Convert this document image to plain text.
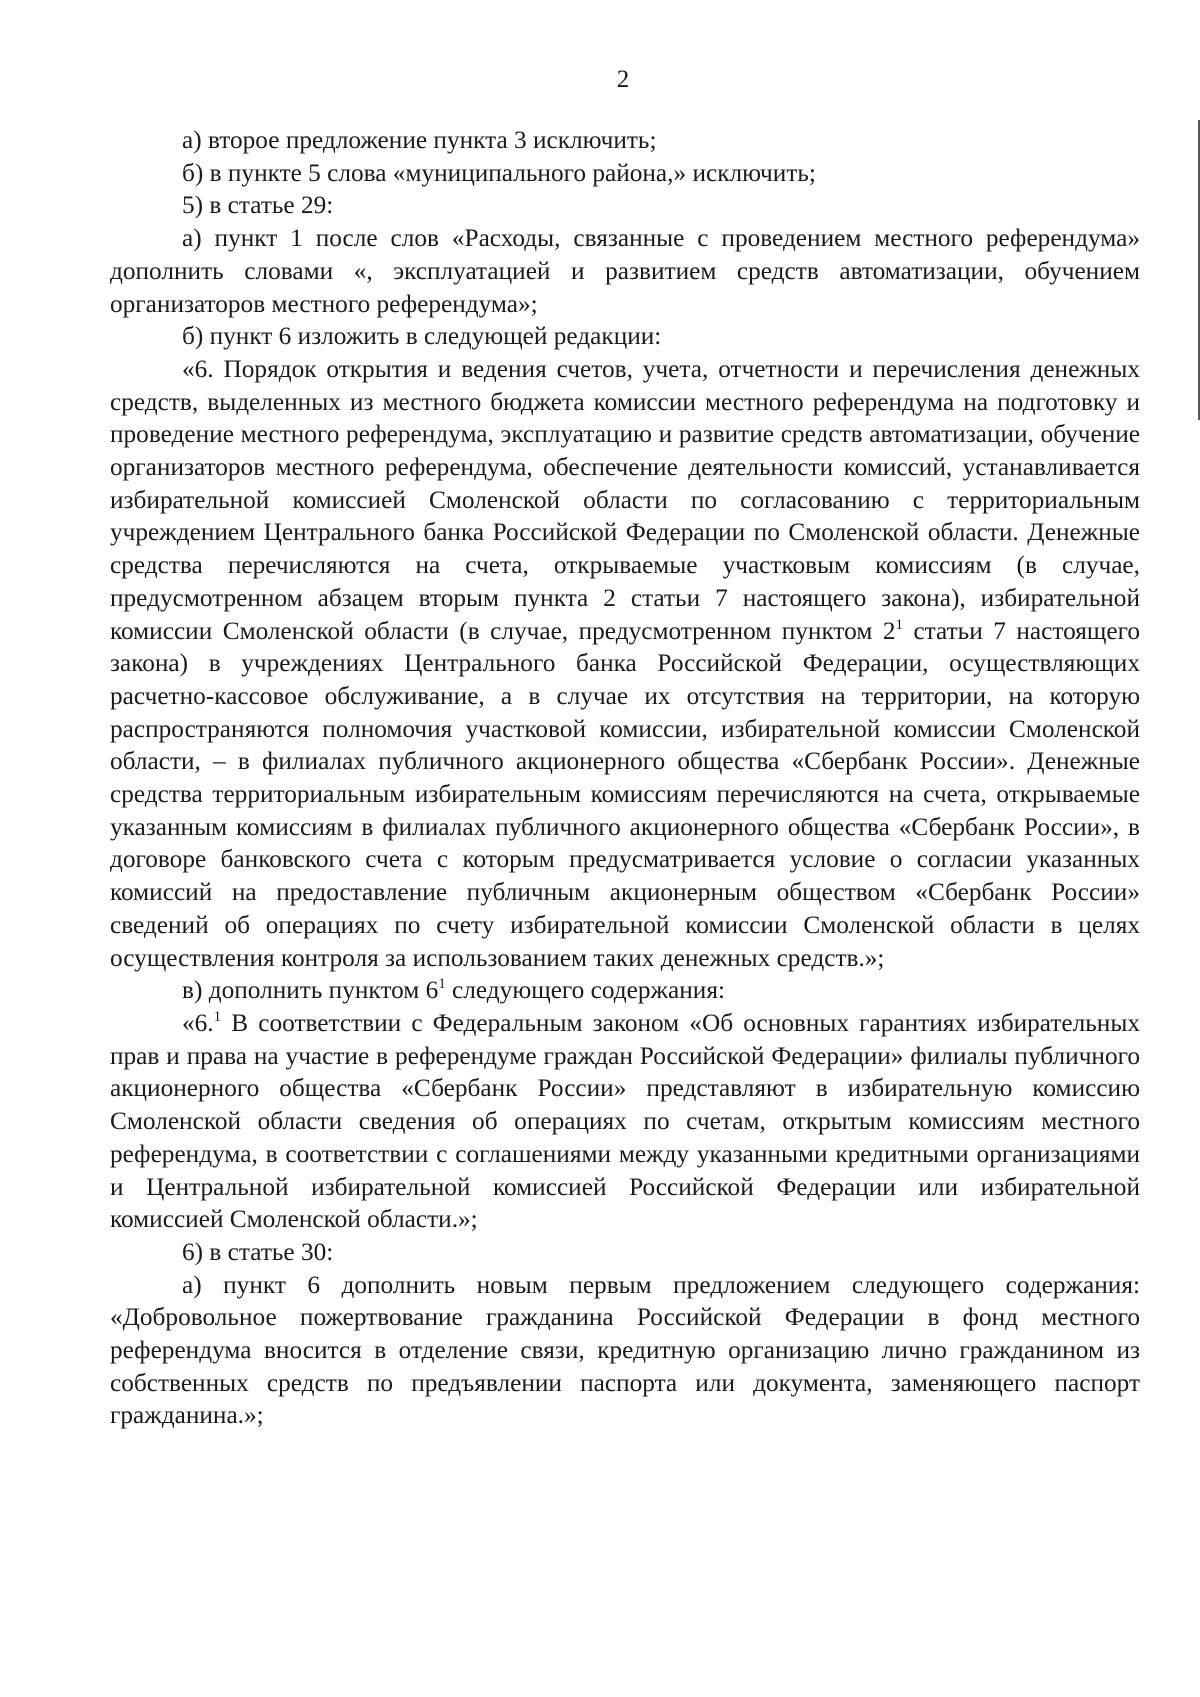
2

а) второе предложение пункта 3 исключить;

б) в пункте 5 слова «муниципального района,» исключить;

5) в статье 29:

а) пункт 1 после слов «Расходы, связанные с проведением местного референдума» дополнить словами «, эксплуатацией и развитием средств автоматизации, обучением организаторов местного референдума»;

б) пункт 6 изложить в следующей редакции:

«6. Порядок открытия и ведения счетов, учета, отчетности и перечисления денежных средств, выделенных из местного бюджета комиссии местного референдума на подготовку и проведение местного референдума, эксплуатацию и развитие средств автоматизации, обучение организаторов местного референдума, обеспечение деятельности комиссий, устанавливается избирательной комиссией Смоленской области по согласованию с территориальным учреждением Центрального банка Российской Федерации по Смоленской области. Денежные средства перечисляются на счета, открываемые участковым комиссиям (в случае, предусмотренном абзацем вторым пункта 2 статьи 7 настоящего закона), избирательной комиссии Смоленской области (в случае, предусмотренном пунктом $2^1$ статьи 7 настоящего закона) в учреждениях Центрального банка Российской Федерации, осуществляющих расчетно-кассовое обслуживание, а в случае их отсутствия на территории, на которую распространяются полномочия участковой комиссии, избирательной комиссии Смоленской области, – в филиалах публичного акционерного общества «Сбербанк России». Денежные средства территориальным избирательным комиссиям перечисляются на счета, открываемые указанным комиссиям в филиалах публичного акционерного общества «Сбербанк России», в договоре банковского счета с которым предусматривается условие о согласии указанных комиссий на предоставление публичным акционерным обществом «Сбербанк России» сведений об операциях по счету избирательной комиссии Смоленской области в целях осуществления контроля за использованием таких денежных средств.»;

в) дополнить пунктом $6^1$ следующего содержания:

«6.$^1$ В соответствии с Федеральным законом «Об основных гарантиях избирательных прав и права на участие в референдуме граждан Российской Федерации» филиалы публичного акционерного общества «Сбербанк России» представляют в избирательную комиссию Смоленской области сведения об операциях по счетам, открытым комиссиям местного референдума, в соответствии с соглашениями между указанными кредитными организациями и Центральной избирательной комиссией Российской Федерации или избирательной комиссией Смоленской области.»;

6) в статье 30:

а) пункт 6 дополнить новым первым предложением следующего содержания: «Добровольное пожертвование гражданина Российской Федерации в фонд местного референдума вносится в отделение связи, кредитную организацию лично гражданином из собственных средств по предъявлении паспорта или документа, заменяющего паспорт гражданина.»;
